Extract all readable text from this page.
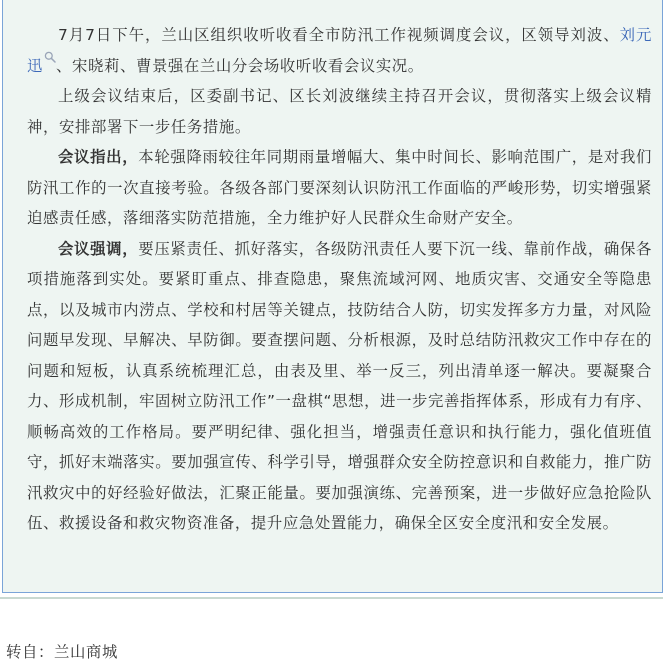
7月7日下午，兰山区组织收听收看全市防汛工作视频调度会议，区领导刘波、刘元迅 、宋晓莉、曹景强在兰山分会场收听收看会议实况。

上级会议结束后，区委副书记、区长刘波继续主持召开会议，贯彻落实上级会议精神，安排部署下一步任务措施。

会议指出，本轮强降雨较往年同期雨量增幅大、集中时间长、影响范围广，是对我们防汛工作的一次直接考验。各级各部门要深刻认识防汛工作面临的严峻形势，切实增强紧迫感责任感，落细落实防范措施，全力维护好人民群众生命财产安全。

会议强调，要压紧责任、抓好落实，各级防汛责任人要下沉一线、靠前作战，确保各项措施落到实处。要紧盯重点、排查隐患，聚焦流域河网、地质灾害、交通安全等隐患点，以及城市内涝点、学校和村居等关键点，技防结合人防，切实发挥多方力量，对风险问题早发现、早解决、早防御。要查摆问题、分析根源，及时总结防汛救灾工作中存在的问题和短板，认真系统梳理汇总，由表及里、举一反三，列出清单逐一解决。要凝聚合力、形成机制，牢固树立防汛工作”一盘棋“思想，进一步完善指挥体系，形成有力有序、顺畅高效的工作格局。要严明纪律、强化担当，增强责任意识和执行能力，强化值班值守，抓好末端落实。要加强宣传、科学引导，增强群众安全防控意识和自救能力，推广防汛救灾中的好经验好做法，汇聚正能量。要加强演练、完善预案，进一步做好应急抢险队伍、救援设备和救灾物资准备，提升应急处置能力，确保全区安全度汛和安全发展。

转自：兰山商城
